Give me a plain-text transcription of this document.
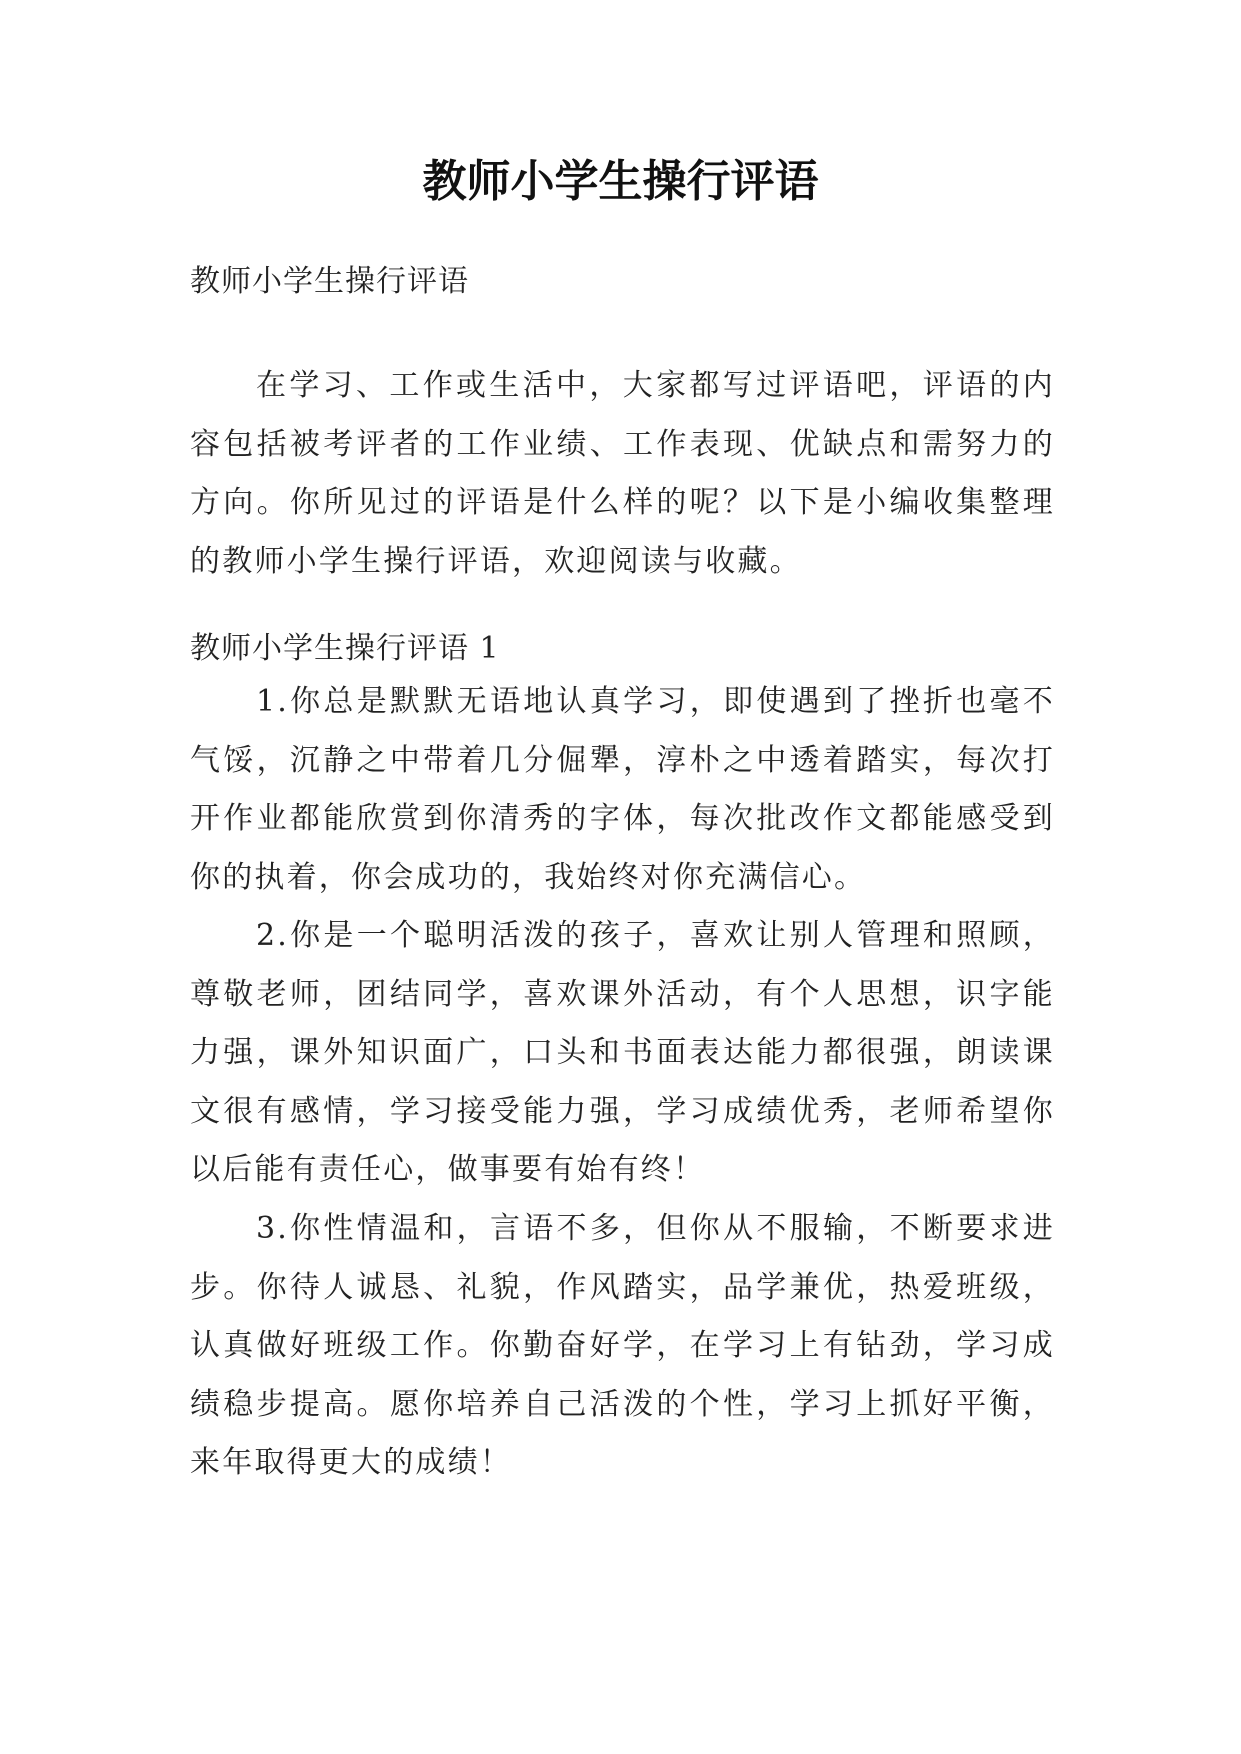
教师小学生操行评语

教师小学生操行评语

在学习、工作或生活中，大家都写过评语吧，评语的内容包括被考评者的工作业绩、工作表现、优缺点和需努力的方向。你所见过的评语是什么样的呢？以下是小编收集整理的教师小学生操行评语，欢迎阅读与收藏。

教师小学生操行评语 1

1.你总是默默无语地认真学习，即使遇到了挫折也毫不气馁，沉静之中带着几分倔犟，淳朴之中透着踏实，每次打开作业都能欣赏到你清秀的字体，每次批改作文都能感受到你的执着，你会成功的，我始终对你充满信心。

2.你是一个聪明活泼的孩子，喜欢让别人管理和照顾，尊敬老师，团结同学，喜欢课外活动，有个人思想，识字能力强，课外知识面广，口头和书面表达能力都很强，朗读课文很有感情，学习接受能力强，学习成绩优秀，老师希望你以后能有责任心，做事要有始有终！

3.你性情温和，言语不多，但你从不服输，不断要求进步。你待人诚恳、礼貌，作风踏实，品学兼优，热爱班级，认真做好班级工作。你勤奋好学，在学习上有钻劲，学习成绩稳步提高。愿你培养自己活泼的个性，学习上抓好平衡，来年取得更大的成绩！
